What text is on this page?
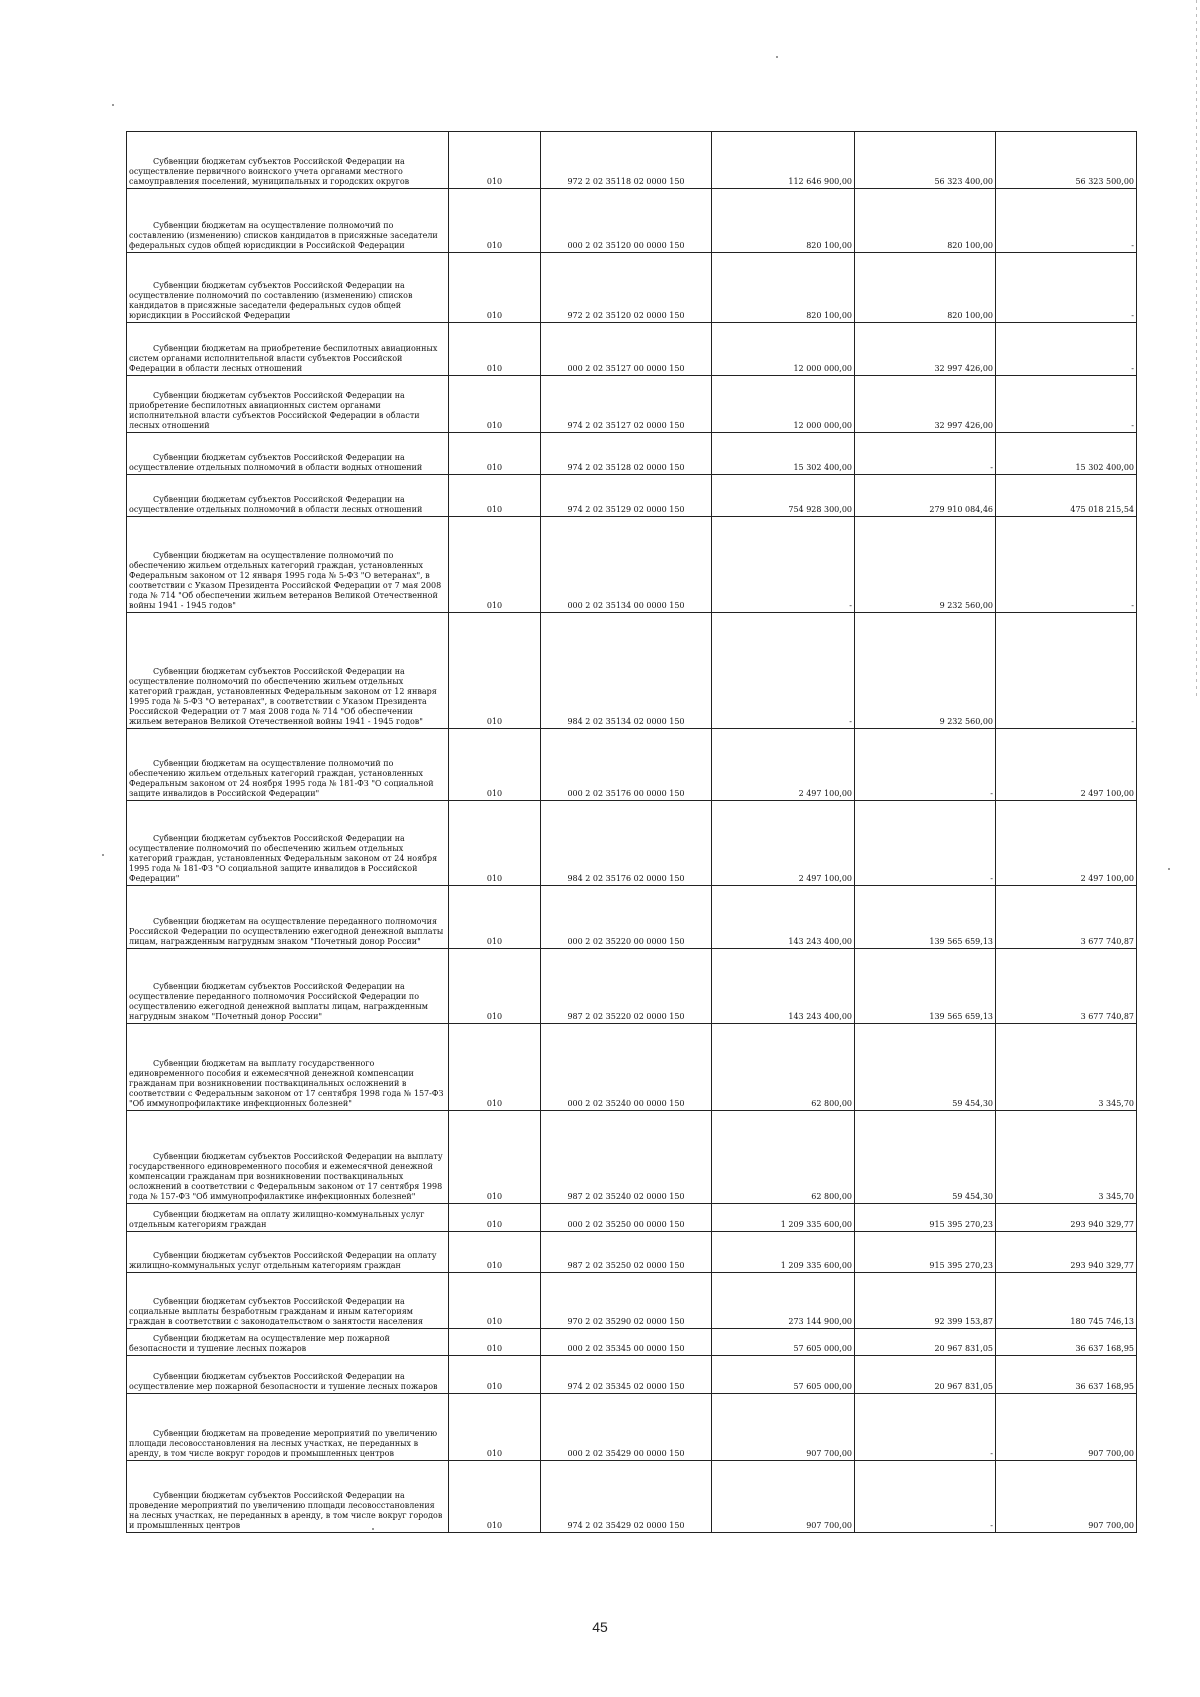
Субвенции бюджетам субъектов Российской Федерации на осуществление первичного воинского учета органами местного самоуправления поселений, муниципальных и городских округов	010	972 2 02 35118 02 0000 150	112 646 900,00	56 323 400,00	56 323 500,00

Субвенции бюджетам на осуществление полномочий по составлению (изменению) списков кандидатов в присяжные заседатели федеральных судов общей юрисдикции в Российской Федерации	010	000 2 02 35120 00 0000 150	820 100,00	820 100,00	-

Субвенции бюджетам субъектов Российской Федерации на осуществление полномочий по составлению (изменению) списков кандидатов в присяжные заседатели федеральных судов общей юрисдикции в Российской Федерации	010	972 2 02 35120 02 0000 150	820 100,00	820 100,00	-

Субвенции бюджетам на приобретение беспилотных авиационных систем органами исполнительной власти субъектов Российской Федерации в области лесных отношений	010	000 2 02 35127 00 0000 150	12 000 000,00	32 997 426,00	-

Субвенции бюджетам субъектов Российской Федерации на приобретение беспилотных авиационных систем органами исполнительной власти субъектов Российской Федерации в области лесных отношений	010	974 2 02 35127 02 0000 150	12 000 000,00	32 997 426,00	-

Субвенции бюджетам субъектов Российской Федерации на осуществление отдельных полномочий в области водных отношений	010	974 2 02 35128 02 0000 150	15 302 400,00	-	15 302 400,00

Субвенции бюджетам субъектов Российской Федерации на осуществление отдельных полномочий в области лесных отношений	010	974 2 02 35129 02 0000 150	754 928 300,00	279 910 084,46	475 018 215,54

Субвенции бюджетам на осуществление полномочий по обеспечению жильем отдельных категорий граждан, установленных Федеральным законом от 12 января 1995 года № 5-ФЗ "О ветеранах", в соответствии с Указом Президента Российской Федерации от 7 мая 2008 года № 714 "Об обеспечении жильем ветеранов Великой Отечественной войны 1941 - 1945 годов"	010	000 2 02 35134 00 0000 150	-	9 232 560,00	-

Субвенции бюджетам субъектов Российской Федерации на осуществление полномочий по обеспечению жильем отдельных категорий граждан, установленных Федеральным законом от 12 января 1995 года № 5-ФЗ "О ветеранах", в соответствии с Указом Президента Российской Федерации от 7 мая 2008 года № 714 "Об обеспечении жильем ветеранов Великой Отечественной войны 1941 - 1945 годов"	010	984 2 02 35134 02 0000 150	-	9 232 560,00	-

Субвенции бюджетам на осуществление полномочий по обеспечению жильем отдельных категорий граждан, установленных Федеральным законом от 24 ноября 1995 года № 181-ФЗ "О социальной защите инвалидов в Российской Федерации"	010	000 2 02 35176 00 0000 150	2 497 100,00	-	2 497 100,00

Субвенции бюджетам субъектов Российской Федерации на осуществление полномочий по обеспечению жильем отдельных категорий граждан, установленных Федеральным законом от 24 ноября 1995 года № 181-ФЗ "О социальной защите инвалидов в Российской Федерации"	010	984 2 02 35176 02 0000 150	2 497 100,00	-	2 497 100,00

Субвенции бюджетам на осуществление переданного полномочия Российской Федерации по осуществлению ежегодной денежной выплаты лицам, награжденным нагрудным знаком "Почетный донор России"	010	000 2 02 35220 00 0000 150	143 243 400,00	139 565 659,13	3 677 740,87

Субвенции бюджетам субъектов Российской Федерации на осуществление переданного полномочия Российской Федерации по осуществлению ежегодной денежной выплаты лицам, награжденным нагрудным знаком "Почетный донор России"	010	987 2 02 35220 02 0000 150	143 243 400,00	139 565 659,13	3 677 740,87

Субвенции бюджетам на выплату государственного единовременного пособия и ежемесячной денежной компенсации гражданам при возникновении поствакцинальных осложнений в соответствии с Федеральным законом от 17 сентября 1998 года № 157-ФЗ "Об иммунопрофилактике инфекционных болезней"	010	000 2 02 35240 00 0000 150	62 800,00	59 454,30	3 345,70

Субвенции бюджетам субъектов Российской Федерации на выплату государственного единовременного пособия и ежемесячной денежной компенсации гражданам при возникновении поствакцинальных осложнений в соответствии с Федеральным законом от 17 сентября 1998 года № 157-ФЗ "Об иммунопрофилактике инфекционных болезней"	010	987 2 02 35240 02 0000 150	62 800,00	59 454,30	3 345,70

Субвенции бюджетам на оплату жилищно-коммунальных услуг отдельным категориям граждан	010	000 2 02 35250 00 0000 150	1 209 335 600,00	915 395 270,23	293 940 329,77

Субвенции бюджетам субъектов Российской Федерации на оплату жилищно-коммунальных услуг отдельным категориям граждан	010	987 2 02 35250 02 0000 150	1 209 335 600,00	915 395 270,23	293 940 329,77

Субвенции бюджетам субъектов Российской Федерации на социальные выплаты безработным гражданам и иным категориям граждан в соответствии с законодательством о занятости населения	010	970 2 02 35290 02 0000 150	273 144 900,00	92 399 153,87	180 745 746,13

Субвенции бюджетам на осуществление мер пожарной безопасности и тушение лесных пожаров	010	000 2 02 35345 00 0000 150	57 605 000,00	20 967 831,05	36 637 168,95

Субвенции бюджетам субъектов Российской Федерации на осуществление мер пожарной безопасности и тушение лесных пожаров	010	974 2 02 35345 02 0000 150	57 605 000,00	20 967 831,05	36 637 168,95

Субвенции бюджетам на проведение мероприятий по увеличению площади лесовосстановления на лесных участках, не переданных в аренду, в том числе вокруг городов и промышленных центров	010	000 2 02 35429 00 0000 150	907 700,00	-	907 700,00

Субвенции бюджетам субъектов Российской Федерации на проведение мероприятий по увеличению площади лесовосстановления на лесных участках, не переданных в аренду, в том числе вокруг городов и промышленных центров	010	974 2 02 35429 02 0000 150	907 700,00	-	907 700,00
45
